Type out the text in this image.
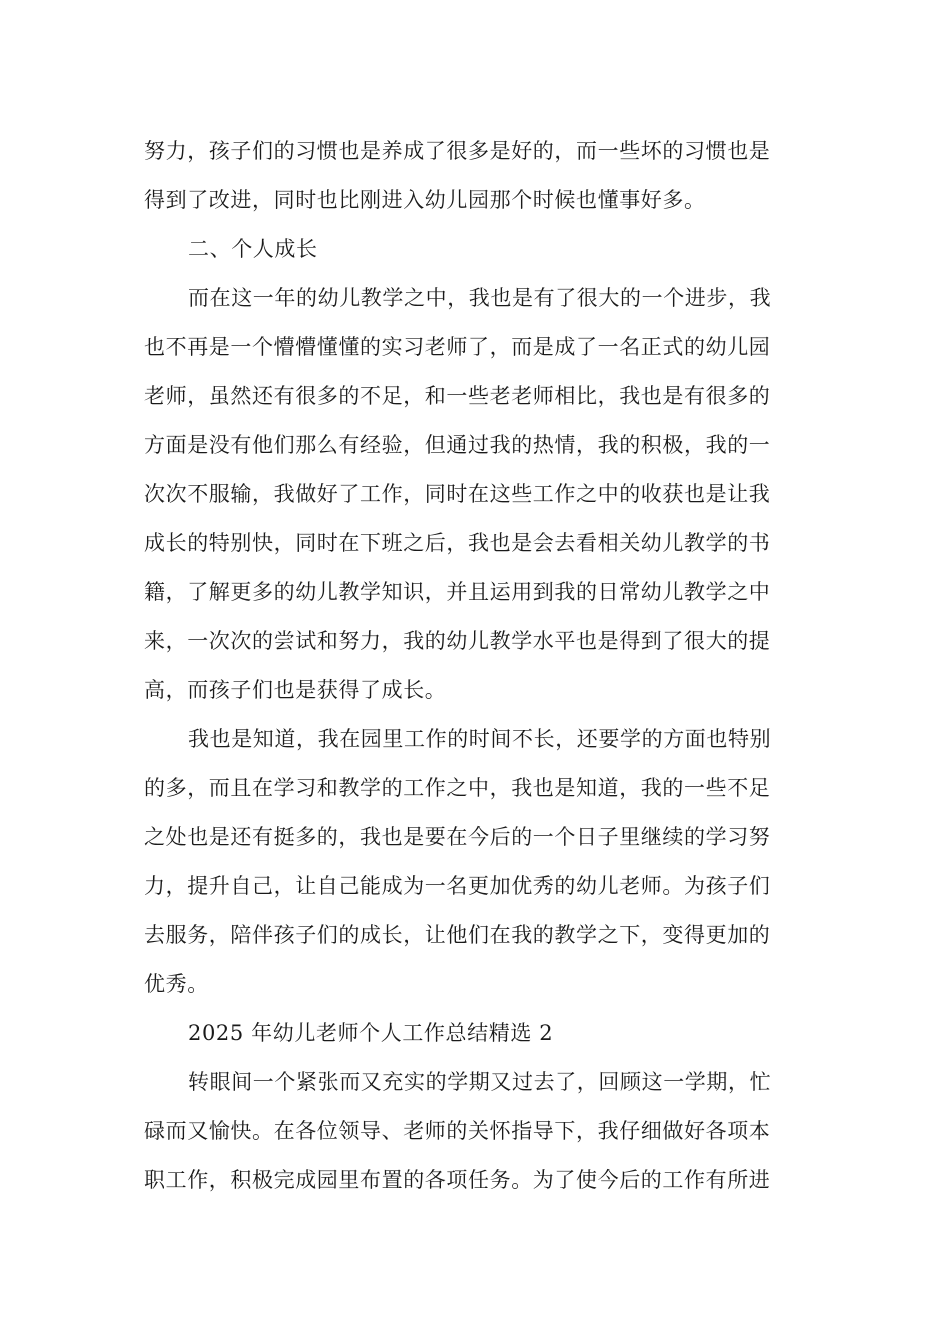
努力，孩子们的习惯也是养成了很多是好的，而一些坏的习惯也是
得到了改进，同时也比刚进入幼儿园那个时候也懂事好多。
二、个人成长
而在这一年的幼儿教学之中，我也是有了很大的一个进步，我
也不再是一个懵懵懂懂的实习老师了，而是成了一名正式的幼儿园
老师，虽然还有很多的不足，和一些老老师相比，我也是有很多的
方面是没有他们那么有经验，但通过我的热情，我的积极，我的一
次次不服输，我做好了工作，同时在这些工作之中的收获也是让我
成长的特别快，同时在下班之后，我也是会去看相关幼儿教学的书
籍，了解更多的幼儿教学知识，并且运用到我的日常幼儿教学之中
来，一次次的尝试和努力，我的幼儿教学水平也是得到了很大的提
高，而孩子们也是获得了成长。
我也是知道，我在园里工作的时间不长，还要学的方面也特别
的多，而且在学习和教学的工作之中，我也是知道，我的一些不足
之处也是还有挺多的，我也是要在今后的一个日子里继续的学习努
力，提升自己，让自己能成为一名更加优秀的幼儿老师。为孩子们
去服务，陪伴孩子们的成长，让他们在我的教学之下，变得更加的
优秀。
2025 年幼儿老师个人工作总结精选 2
转眼间一个紧张而又充实的学期又过去了，回顾这一学期，忙
碌而又愉快。在各位领导、老师的关怀指导下，我仔细做好各项本
职工作，积极完成园里布置的各项任务。为了使今后的工作有所进
